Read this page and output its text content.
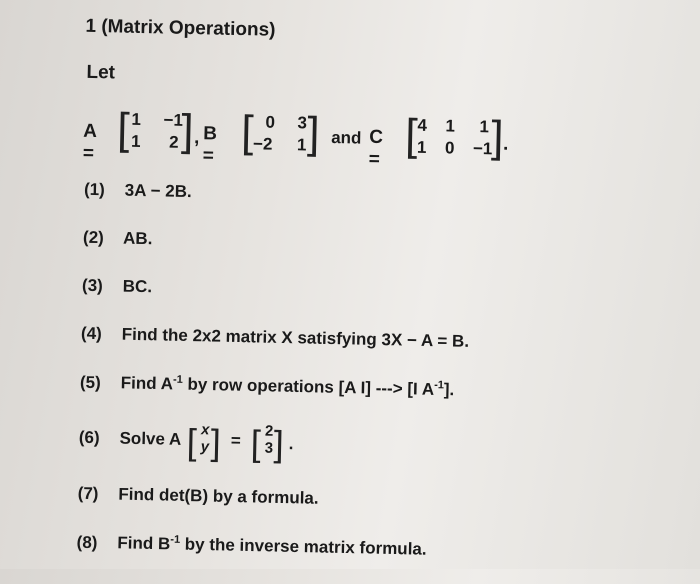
1 (Matrix Operations)
Let
A = [ 1 −1
1 2 ] , B = [ 0 3
−2 1 ] and C = [ 4 1 1
1 0 −1
]
.
(1) 3A − 2B.
(2) AB.
(3) BC.
(4) Find the 2x2 matrix X satisfying 3X − A = B.
(5) Find $A^{-1}$ by row operations [A I] ---> [I $A^{-1}$].
(6) Solve A [ x
y ] = [ 2
3 ] .
(7) Find det(B) by a formula.
(8) Find $B^{-1}$ by the inverse matrix formula.
